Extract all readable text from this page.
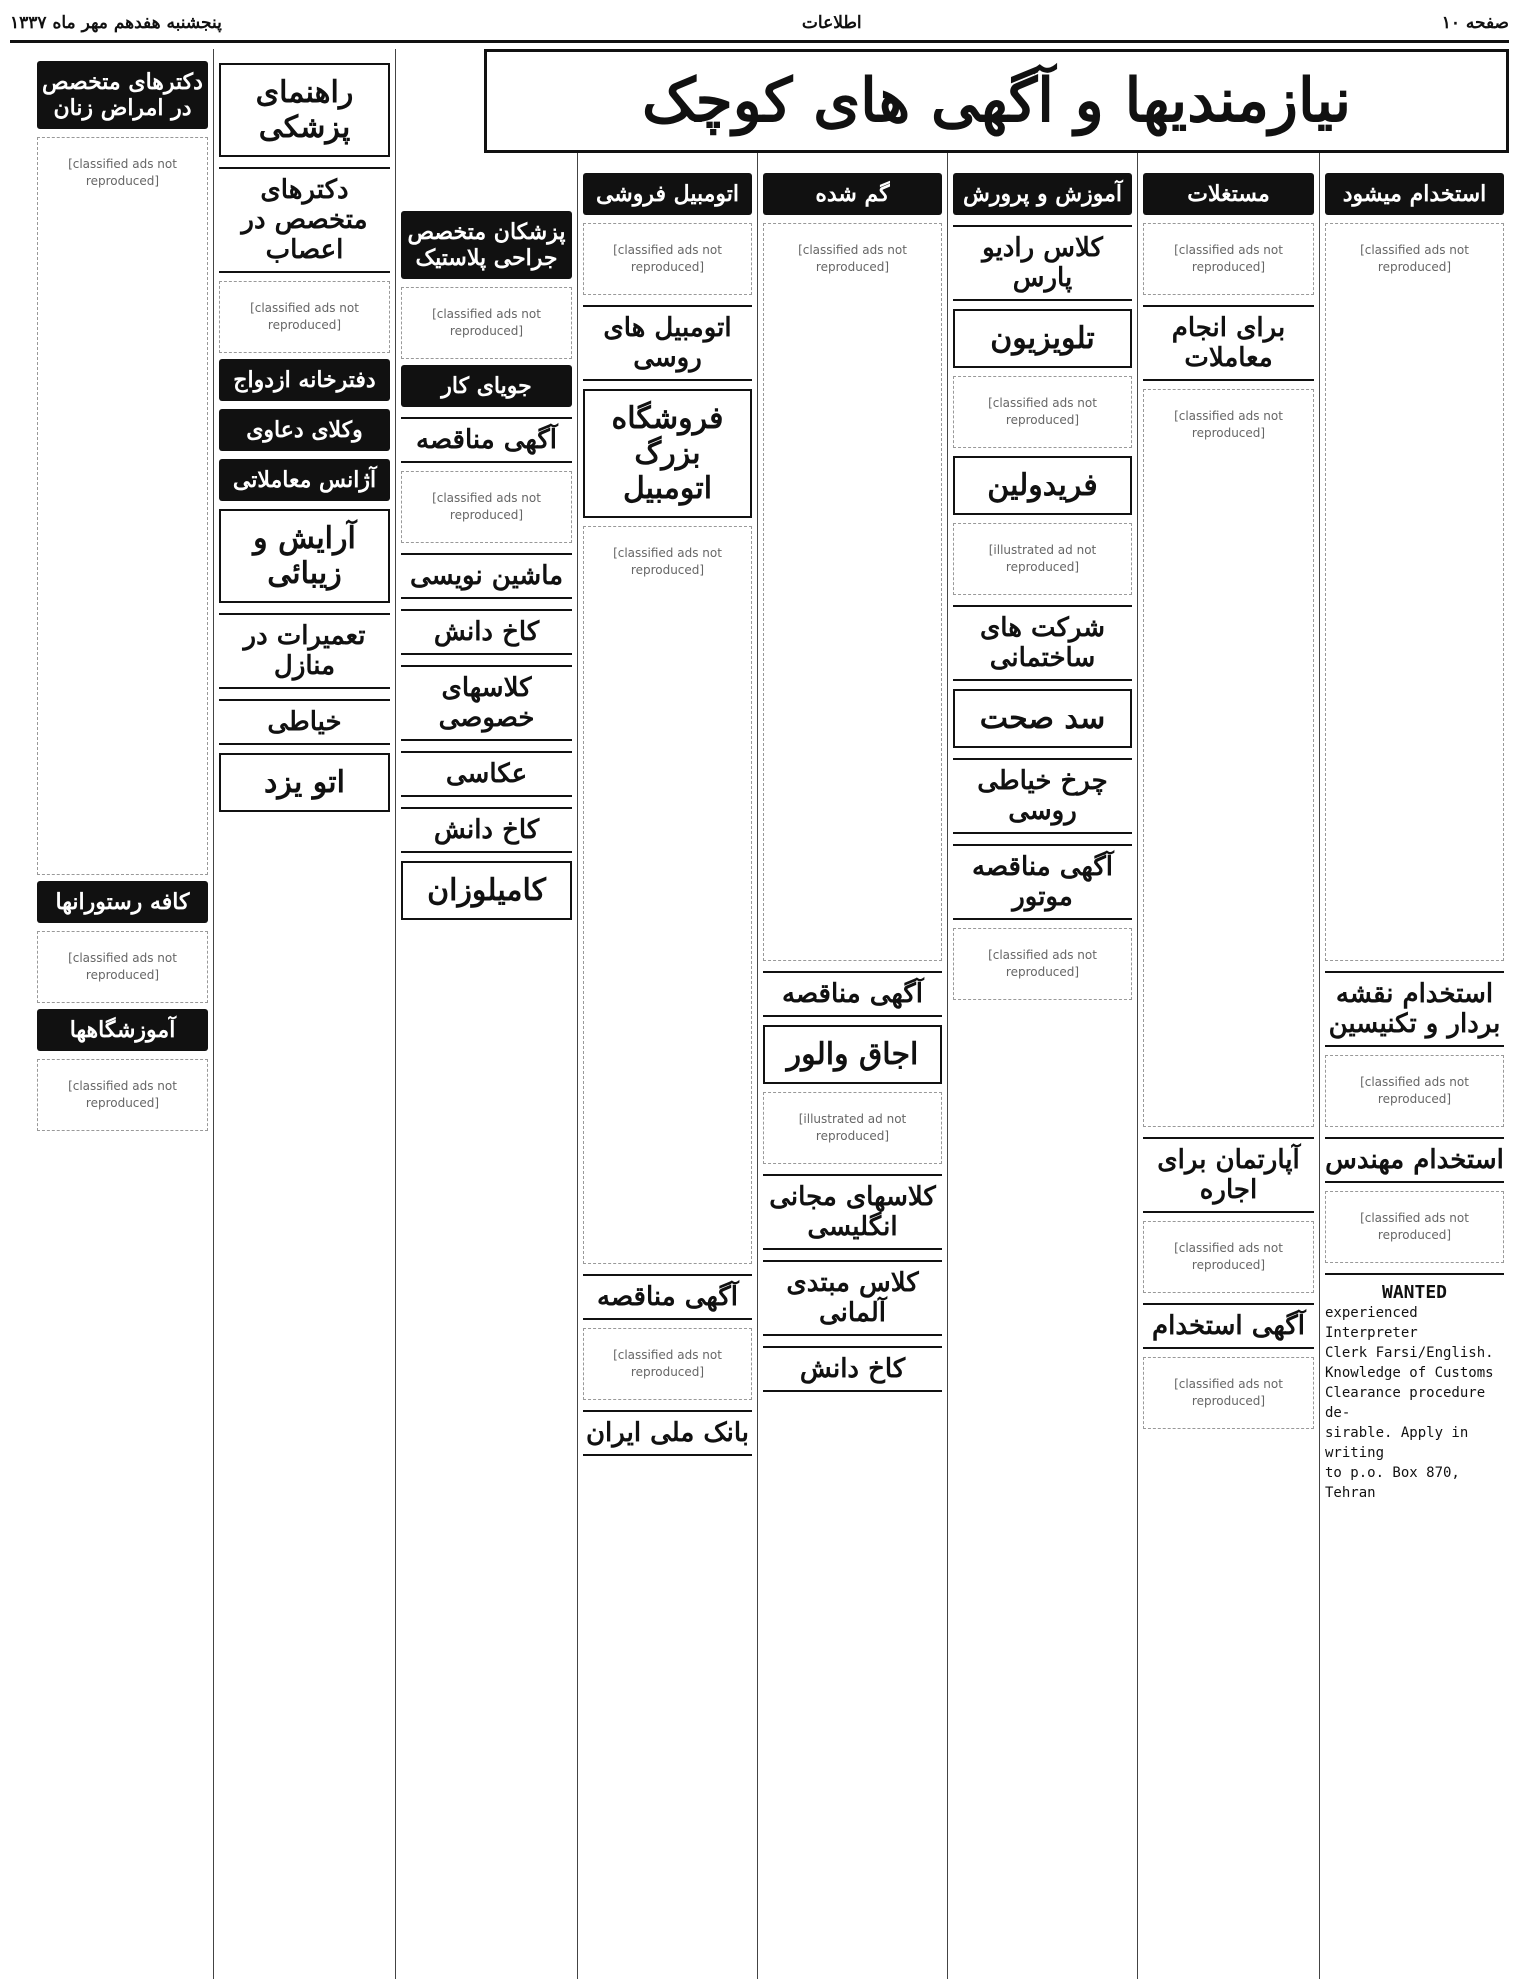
صفحه ۱۰
اطلاعات
پنجشنبه هفدهم مهر ماه ۱۳۳۷
نیازمندیها و آگهی های کوچک
استخدام میشود
[classified ads not reproduced]
استخدام نقشه بردار و تکنیسین
[classified ads not reproduced]
استخدام مهندس
[classified ads not reproduced]
WANTED
experienced Interpreter
Clerk Farsi/English.
Knowledge of Customs
Clearance procedure de-
sirable. Apply in writing
to p.o. Box 870, Tehran
مستغلات
[classified ads not reproduced]
برای انجام معاملات
[classified ads not reproduced]
آپارتمان برای اجاره
[classified ads not reproduced]
آگهی استخدام
[classified ads not reproduced]
آموزش و پرورش
کلاس رادیو پارس
تلویزیون
[classified ads not reproduced]
فریدولین
[illustrated ad not reproduced]
شرکت های ساختمانی
سد صحت
چرخ خیاطی روسی
آگهی مناقصه موتور
[classified ads not reproduced]
گم شده
[classified ads not reproduced]
آگهی مناقصه
اجاق والور
[illustrated ad not reproduced]
کلاسهای مجانی انگلیسی
کلاس مبتدی آلمانی
کاخ دانش
اتومبیل فروشی
[classified ads not reproduced]
اتومبیل های روسی
فروشگاه بزرگ اتومبیل
[classified ads not reproduced]
آگهی مناقصه
[classified ads not reproduced]
بانک ملی ایران
پزشکان متخصص جراحی پلاستیک
[classified ads not reproduced]
جویای کار
آگهی مناقصه
[classified ads not reproduced]
ماشین نویسی
کاخ دانش
کلاسهای خصوصی
عکاسی
کاخ دانش
کامیلوزان
راهنمای پزشکی
دکترهای متخصص در اعصاب
[classified ads not reproduced]
دفترخانه ازدواج
وکلای دعاوی
آژانس معاملاتی
آرایش و زیبائی
تعمیرات در منازل
خیاطی
اتو یزد
دکترهای متخصص در امراض زنان
[classified ads not reproduced]
کافه رستورانها
[classified ads not reproduced]
آموزشگاهها
[classified ads not reproduced]
